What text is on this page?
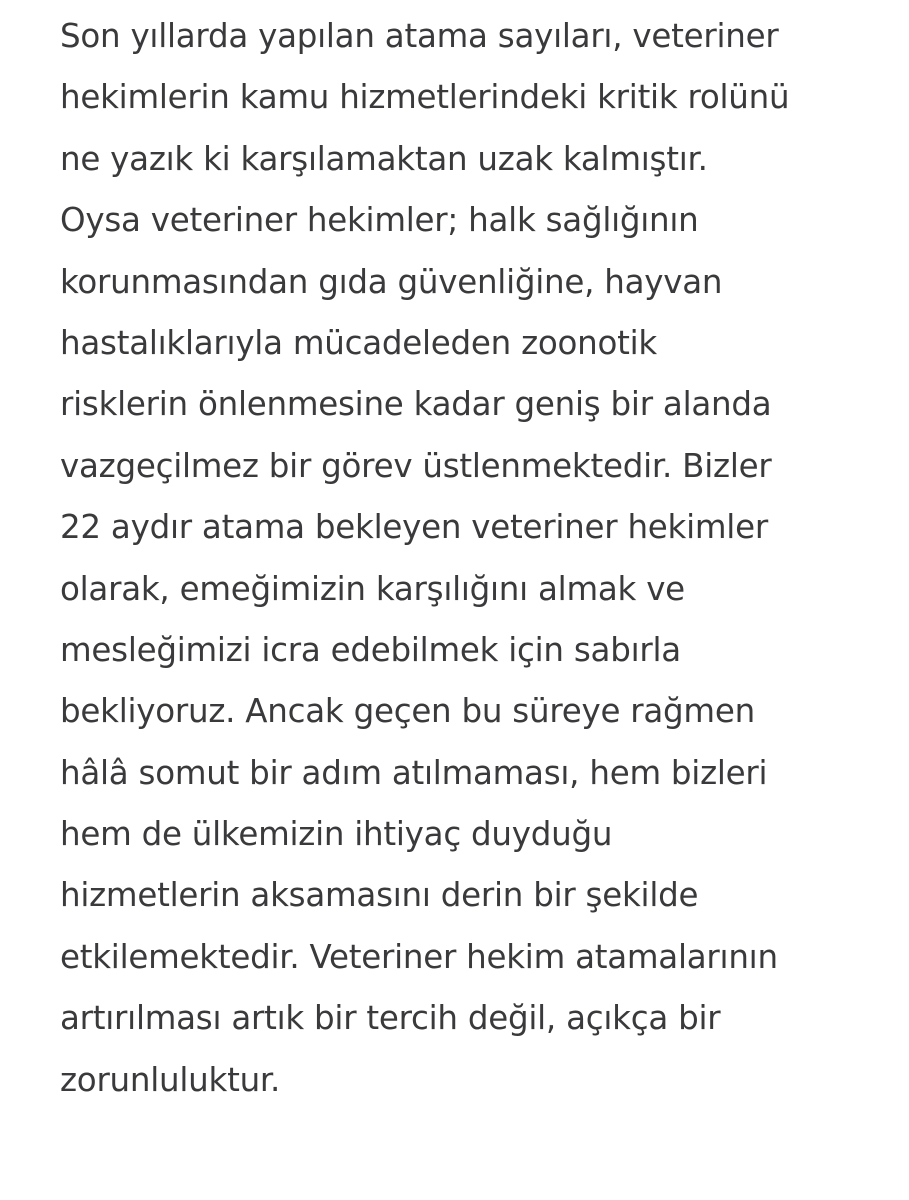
Son yıllarda yapılan atama sayıları, veteriner
hekimlerin kamu hizmetlerindeki kritik rolünü
ne yazık ki karşılamaktan uzak kalmıştır.
Oysa veteriner hekimler; halk sağlığının
korunmasından gıda güvenliğine, hayvan
hastalıklarıyla mücadeleden zoonotik
risklerin önlenmesine kadar geniş bir alanda
vazgeçilmez bir görev üstlenmektedir. Bizler
22 aydır atama bekleyen veteriner hekimler
olarak, emeğimizin karşılığını almak ve
mesleğimizi icra edebilmek için sabırla
bekliyoruz. Ancak geçen bu süreye rağmen
hâlâ somut bir adım atılmaması, hem bizleri
hem de ülkemizin ihtiyaç duyduğu
hizmetlerin aksamasını derin bir şekilde
etkilemektedir. Veteriner hekim atamalarının
artırılması artık bir tercih değil, açıkça bir
zorunluluktur.
